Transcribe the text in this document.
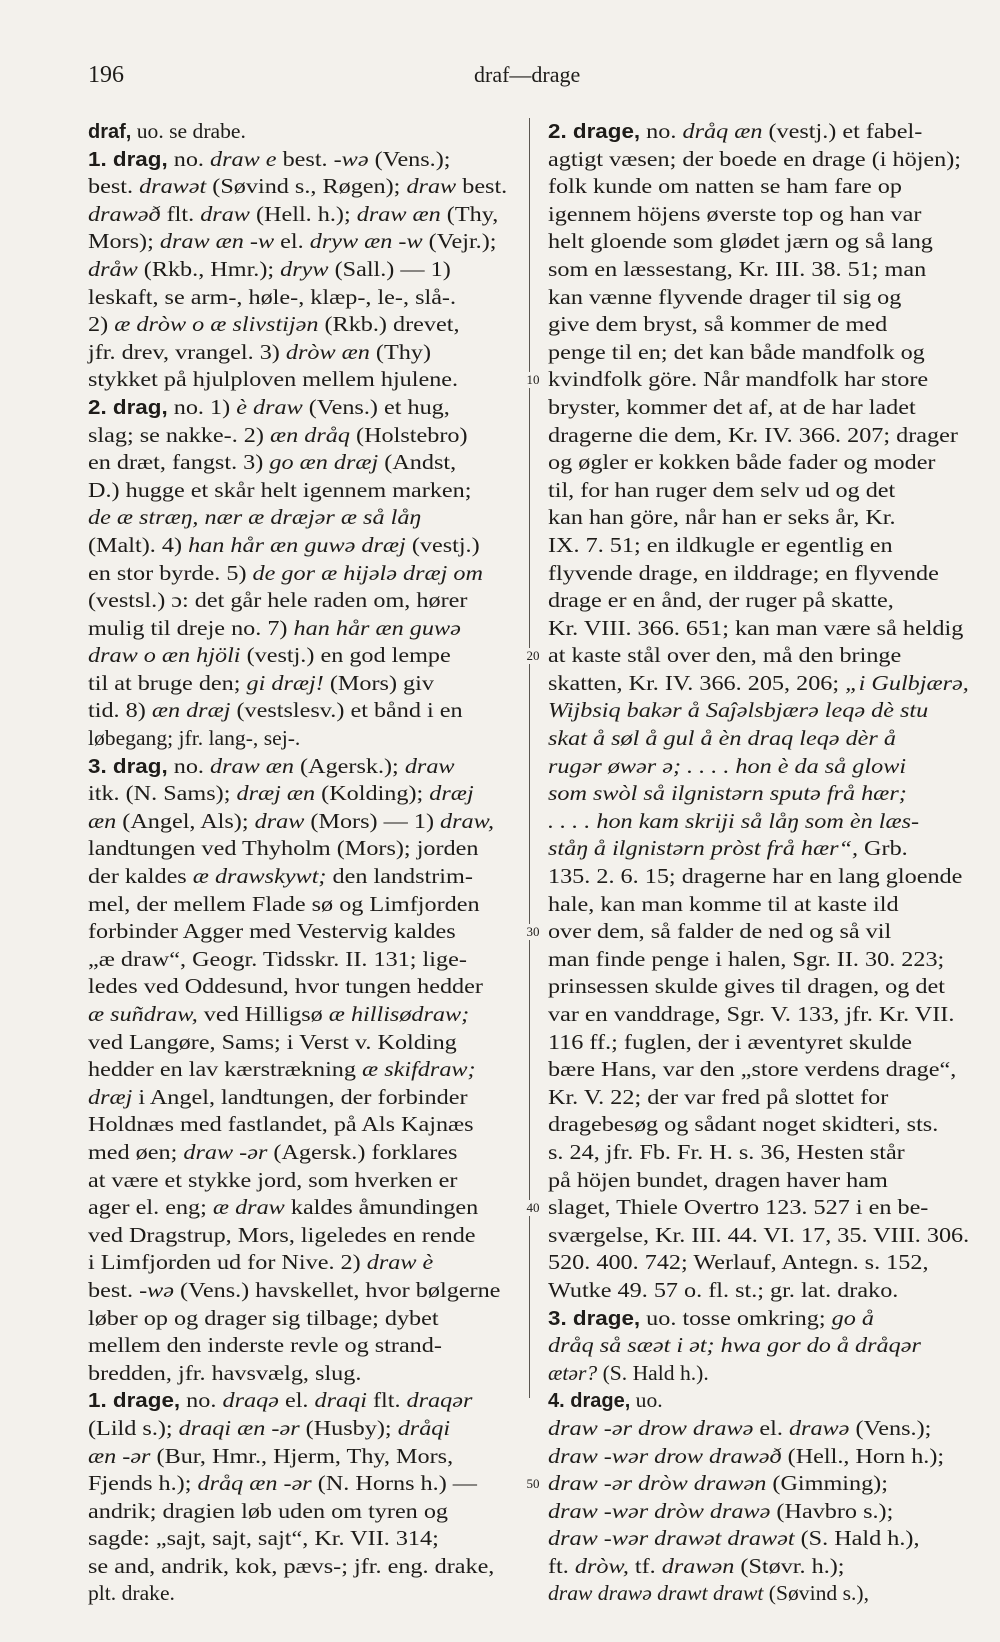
196	draf—drage
draf, uo. se drabe.
1. drag, no. draw e best. -wə (Vens.);
best. drawət (Søvind s., Røgen); draw best.
drawəð flt. draw (Hell. h.); draw æn (Thy,
Mors); draw æn -w el. dryw æn -w (Vejr.);
dråw (Rkb., Hmr.); dryw (Sall.) — 1)
leskaft, se arm-, høle-, klæp-, le-, slå-.
2) æ dròw o æ slivstijən (Rkb.) drevet,
jfr. drev, vrangel. 3) dròw æn (Thy)
stykket på hjulploven mellem hjulene.
2. drag, no. 1) è draw (Vens.) et hug,
slag; se nakke-. 2) æn dråq (Holstebro)
en dræt, fangst. 3) go æn dræj (Andst,
D.) hugge et skår helt igennem marken;
de æ stræŋ, nær æ dræjər æ så låŋ
(Malt). 4) han hår æn guwə dræj (vestj.)
en stor byrde. 5) de gor æ hijələ dræj om
(vestsl.) ɔ: det går hele raden om, hører
mulig til dreje no. 7) han hår æn guwə
draw o æn hjöli (vestj.) en god lempe
til at bruge den; gi dræj! (Mors) giv
tid. 8) æn dræj (vestslesv.) et bånd i en
løbegang; jfr. lang-, sej-.
3. drag, no. draw æn (Agersk.); draw
itk. (N. Sams); dræj æn (Kolding); dræj
æn (Angel, Als); draw (Mors) — 1) draw,
landtungen ved Thyholm (Mors); jorden
der kaldes æ drawskywt; den landstrim-
mel, der mellem Flade sø og Limfjorden
forbinder Agger med Vestervig kaldes
„æ draw“, Geogr. Tidsskr. II. 131; lige-
ledes ved Oddesund, hvor tungen hedder
æ suñdraw, ved Hilligsø æ hillisødraw;
ved Langøre, Sams; i Verst v. Kolding
hedder en lav kærstrækning æ skifdraw;
dræj i Angel, landtungen, der forbinder
Holdnæs med fastlandet, på Als Kajnæs
med øen; draw -ər (Agersk.) forklares
at være et stykke jord, som hverken er
ager el. eng; æ draw kaldes åmundingen
ved Dragstrup, Mors, ligeledes en rende
i Limfjorden ud for Nive. 2) draw è
best. -wə (Vens.) havskellet, hvor bølgerne
løber op og drager sig tilbage; dybet
mellem den inderste revle og strand-
bredden, jfr. havsvælg, slug.
1. drage, no. draqə el. draqi flt. draqər
(Lild s.); draqi æn -ər (Husby); dråqi
æn -ər (Bur, Hmr., Hjerm, Thy, Mors,
Fjends h.); dråq æn -ər (N. Horns h.) —
andrik; dragien løb uden om tyren og
sagde: „sajt, sajt, sajt“, Kr. VII. 314;
se and, andrik, kok, pævs-; jfr. eng. drake,
plt. drake.
10
20
30
40
50
2. drage, no. dråq æn (vestj.) et fabel-
agtigt væsen; der boede en drage (i höjen);
folk kunde om natten se ham fare op
igennem höjens øverste top og han var
helt gloende som glødet jærn og så lang
som en læssestang, Kr. III. 38. 51; man
kan vænne flyvende drager til sig og
give dem bryst, så kommer de med
penge til en; det kan både mandfolk og
kvindfolk göre. Når mandfolk har store
bryster, kommer det af, at de har ladet
dragerne die dem, Kr. IV. 366. 207; drager
og øgler er kokken både fader og moder
til, for han ruger dem selv ud og det
kan han göre, når han er seks år, Kr.
IX. 7. 51; en ildkugle er egentlig en
flyvende drage, en ilddrage; en flyvende
drage er en ånd, der ruger på skatte,
Kr. VIII. 366. 651; kan man være så heldig
at kaste stål over den, må den bringe
skatten, Kr. IV. 366. 205, 206; „i Gulbjærə,
Wijbsiq bakər å Saĵəlsbjærə leqə dè stu
skat å søl å gul å èn draq leqə dèr å
rugər øwər ə; . . . . hon è da så glowi
som swòl så ilgnistərn sputə frå hær;
. . . . hon kam skriji så låŋ som èn læs-
ståŋ å ilgnistərn pròst frå hær“, Grb.
135. 2. 6. 15; dragerne har en lang gloende
hale, kan man komme til at kaste ild
over dem, så falder de ned og så vil
man finde penge i halen, Sgr. II. 30. 223;
prinsessen skulde gives til dragen, og det
var en vanddrage, Sgr. V. 133, jfr. Kr. VII.
116 ff.; fuglen, der i æventyret skulde
bære Hans, var den „store verdens drage“,
Kr. V. 22; der var fred på slottet for
dragebesøg og sådant noget skidteri, sts.
s. 24, jfr. Fb. Fr. H. s. 36, Hesten står
på höjen bundet, dragen haver ham
slaget, Thiele Overtro 123. 527 i en be-
sværgelse, Kr. III. 44. VI. 17, 35. VIII. 306.
520. 400. 742; Werlauf, Antegn. s. 152,
Wutke 49. 57 o. fl. st.; gr. lat. drako.
3. drage, uo. tosse omkring; go å
dråq så sæət i ət; hwa gor do å dråqər
ætər? (S. Hald h.).
4. drage, uo.
draw -ər drow drawə el. drawə (Vens.);
draw -wər drow drawəð (Hell., Horn h.);
draw -ər dròw drawən (Gimming);
draw -wər dròw drawə (Havbro s.);
draw -wər drawət drawət (S. Hald h.),
ft. dròw, tf. drawən (Støvr. h.);
draw drawə drawt drawt (Søvind s.),
